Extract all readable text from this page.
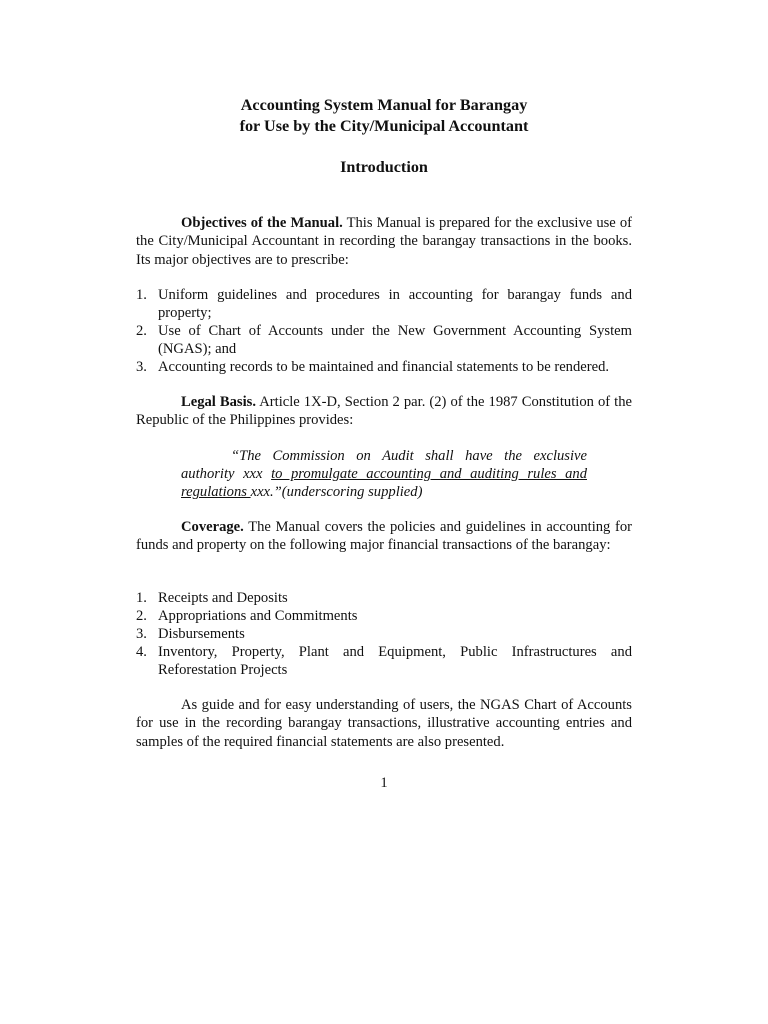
Accounting System Manual for Barangay
for Use by the City/Municipal Accountant
Introduction

Objectives of the Manual. This Manual is prepared for the exclusive use of the City/Municipal Accountant in recording the barangay transactions in the books. Its major objectives are to prescribe:

1. Uniform guidelines and procedures in accounting for barangay funds and property;
2. Use of Chart of Accounts under the New Government Accounting System (NGAS); and
3. Accounting records to be maintained and financial statements to be rendered.

Legal Basis. Article 1X-D, Section 2 par. (2) of the 1987 Constitution of the Republic of the Philippines provides:

“The Commission on Audit shall have the exclusive authority xxx to promulgate accounting and auditing rules and regulations xxx.”(underscoring supplied)

Coverage. The Manual covers the policies and guidelines in accounting for funds and property on the following major financial transactions of the barangay:

1. Receipts and Deposits
2. Appropriations and Commitments
3. Disbursements
4. Inventory, Property, Plant and Equipment, Public Infrastructures and Reforestation Projects

As guide and for easy understanding of users, the NGAS Chart of Accounts for use in the recording barangay transactions, illustrative accounting entries and samples of the required financial statements are also presented.

1
